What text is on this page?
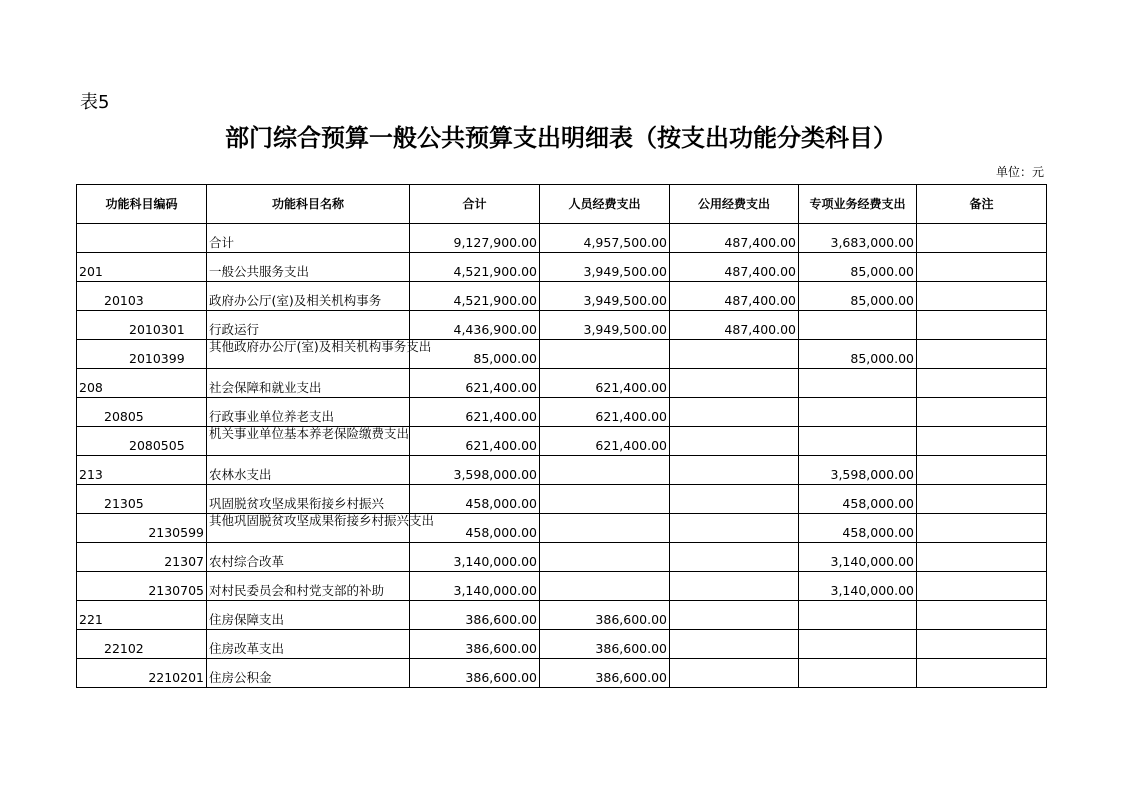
表5
部门综合预算一般公共预算支出明细表（按支出功能分类科目）
单位：元
功能科目编码	功能科目名称	合计	人员经费支出	公用经费支出	专项业务经费支出	备注
	合计	9,127,900.00	4,957,500.00	487,400.00	3,683,000.00	
201	一般公共服务支出	4,521,900.00	3,949,500.00	487,400.00	85,000.00	
20103	政府办公厅(室)及相关机构事务	4,521,900.00	3,949,500.00	487,400.00	85,000.00	
2010301	行政运行	4,436,900.00	3,949,500.00	487,400.00		
2010399	其他政府办公厅(室)及相关机构事务支出	85,000.00			85,000.00	
208	社会保障和就业支出	621,400.00	621,400.00			
20805	行政事业单位养老支出	621,400.00	621,400.00			
2080505	机关事业单位基本养老保险缴费支出	621,400.00	621,400.00			
213	农林水支出	3,598,000.00			3,598,000.00	
21305	巩固脱贫攻坚成果衔接乡村振兴	458,000.00			458,000.00	
2130599	其他巩固脱贫攻坚成果衔接乡村振兴支出	458,000.00			458,000.00	
21307	农村综合改革	3,140,000.00			3,140,000.00	
2130705	对村民委员会和村党支部的补助	3,140,000.00			3,140,000.00	
221	住房保障支出	386,600.00	386,600.00			
22102	住房改革支出	386,600.00	386,600.00			
2210201	住房公积金	386,600.00	386,600.00			
